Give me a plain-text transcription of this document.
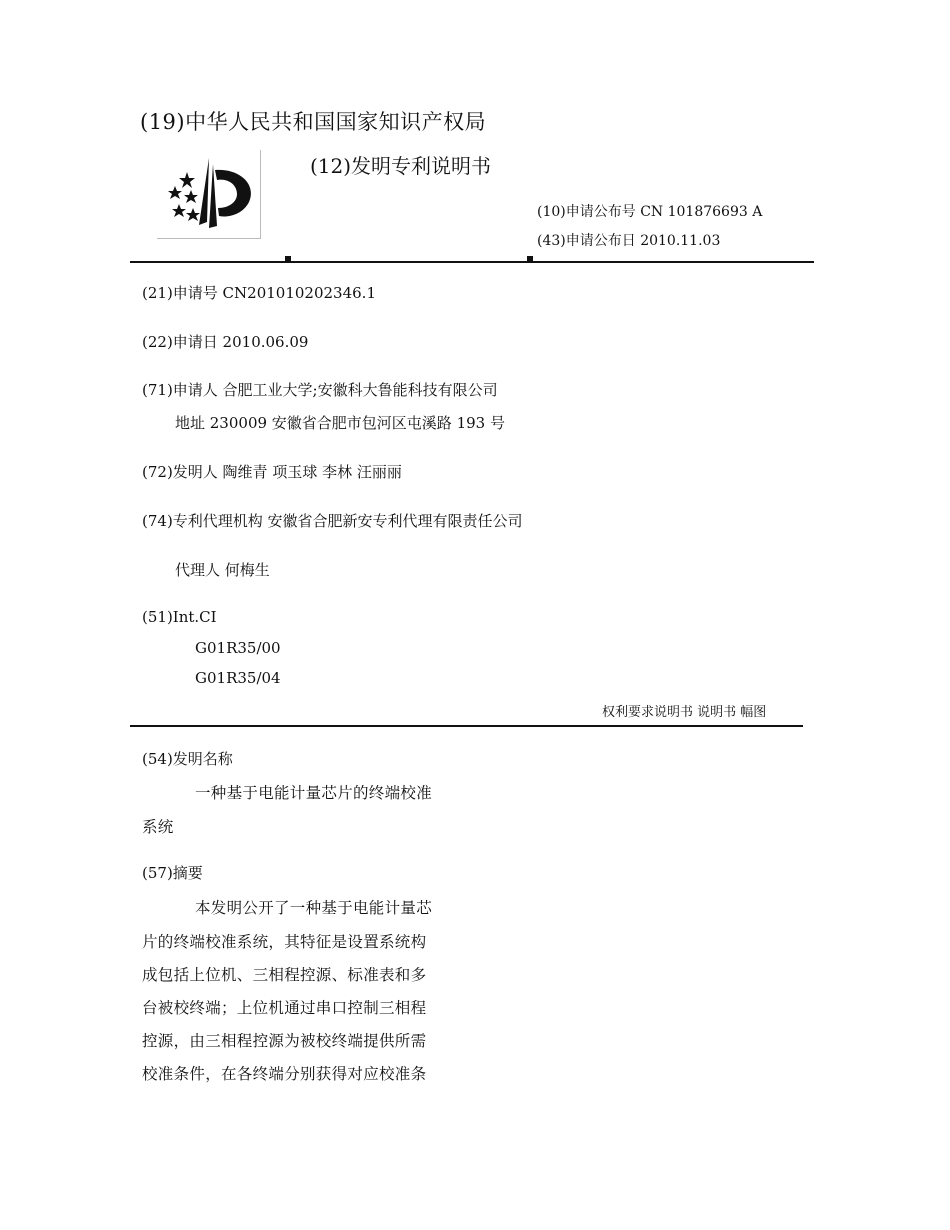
(19)中华人民共和国国家知识产权局
(12)发明专利说明书
(10)申请公布号 CN 101876693 A
(43)申请公布日 2010.11.03
(21)申请号 CN201010202346.1
(22)申请日 2010.06.09
(71)申请人 合肥工业大学;安徽科大鲁能科技有限公司
地址 230009 安徽省合肥市包河区屯溪路 193 号
(72)发明人 陶维青 项玉球 李林 汪丽丽
(74)专利代理机构 安徽省合肥新安专利代理有限责任公司
代理人 何梅生
(51)Int.CI
G01R35/00
G01R35/04
权利要求说明书 说明书 幅图
(54)发明名称
一种基于电能计量芯片的终端校准
系统
(57)摘要
本发明公开了一种基于电能计量芯
片的终端校准系统，其特征是设置系统构
成包括上位机、三相程控源、标准表和多
台被校终端；上位机通过串口控制三相程
控源，由三相程控源为被校终端提供所需
校准条件，在各终端分别获得对应校准条
